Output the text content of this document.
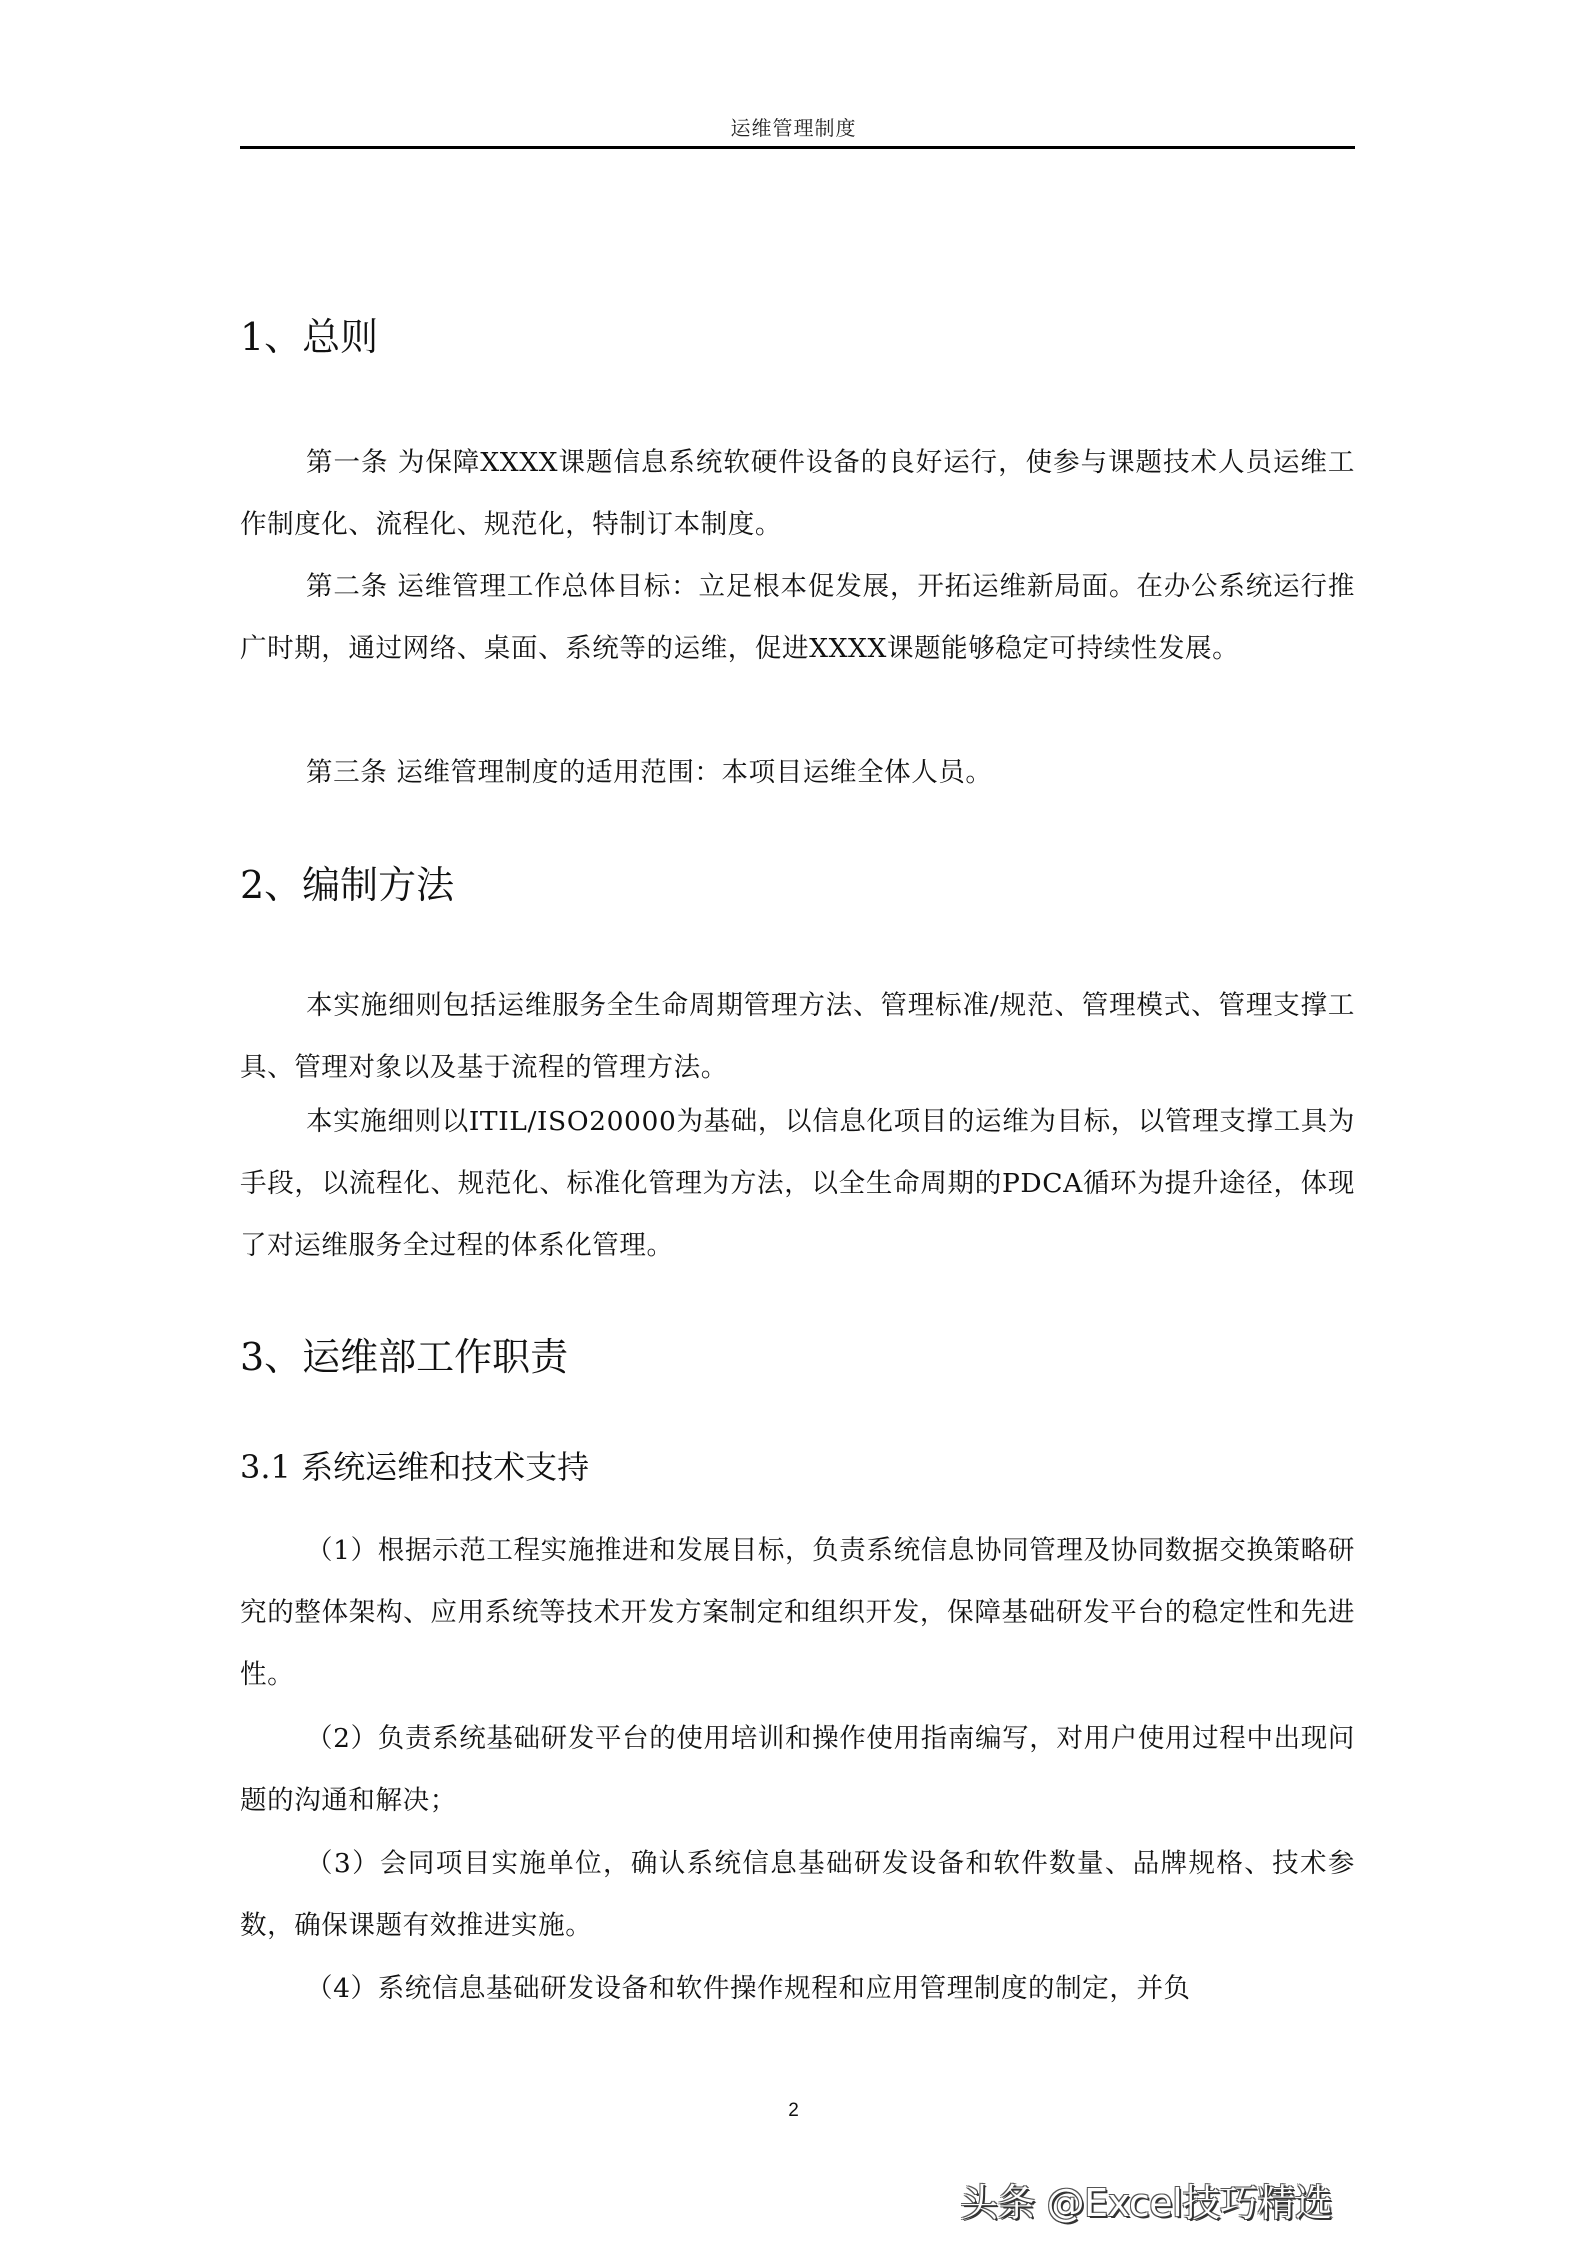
运维管理制度
1、总则

第一条 为保障XXXX课题信息系统软硬件设备的良好运行，使参与课题技术人员运维工作制度化、流程化、规范化，特制订本制度。

第二条 运维管理工作总体目标：立足根本促发展，开拓运维新局面。在办公系统运行推广时期，通过网络、桌面、系统等的运维，促进XXXX课题能够稳定可持续性发展。

第三条 运维管理制度的适用范围：本项目运维全体人员。

2、编制方法

本实施细则包括运维服务全生命周期管理方法、管理标准/规范、管理模式、管理支撑工具、管理对象以及基于流程的管理方法。

本实施细则以ITIL/ISO20000为基础，以信息化项目的运维为目标，以管理支撑工具为手段，以流程化、规范化、标准化管理为方法，以全生命周期的PDCA循环为提升途径，体现了对运维服务全过程的体系化管理。

3、运维部工作职责
3.1 系统运维和技术支持

（1）根据示范工程实施推进和发展目标，负责系统信息协同管理及协同数据交换策略研究的整体架构、应用系统等技术开发方案制定和组织开发，保障基础研发平台的稳定性和先进性。

（2）负责系统基础研发平台的使用培训和操作使用指南编写，对用户使用过程中出现问题的沟通和解决；

（3）会同项目实施单位，确认系统信息基础研发设备和软件数量、品牌规格、技术参数，确保课题有效推进实施。

（4）系统信息基础研发设备和软件操作规程和应用管理制度的制定，并负

2
头条 @Excel技巧精选
